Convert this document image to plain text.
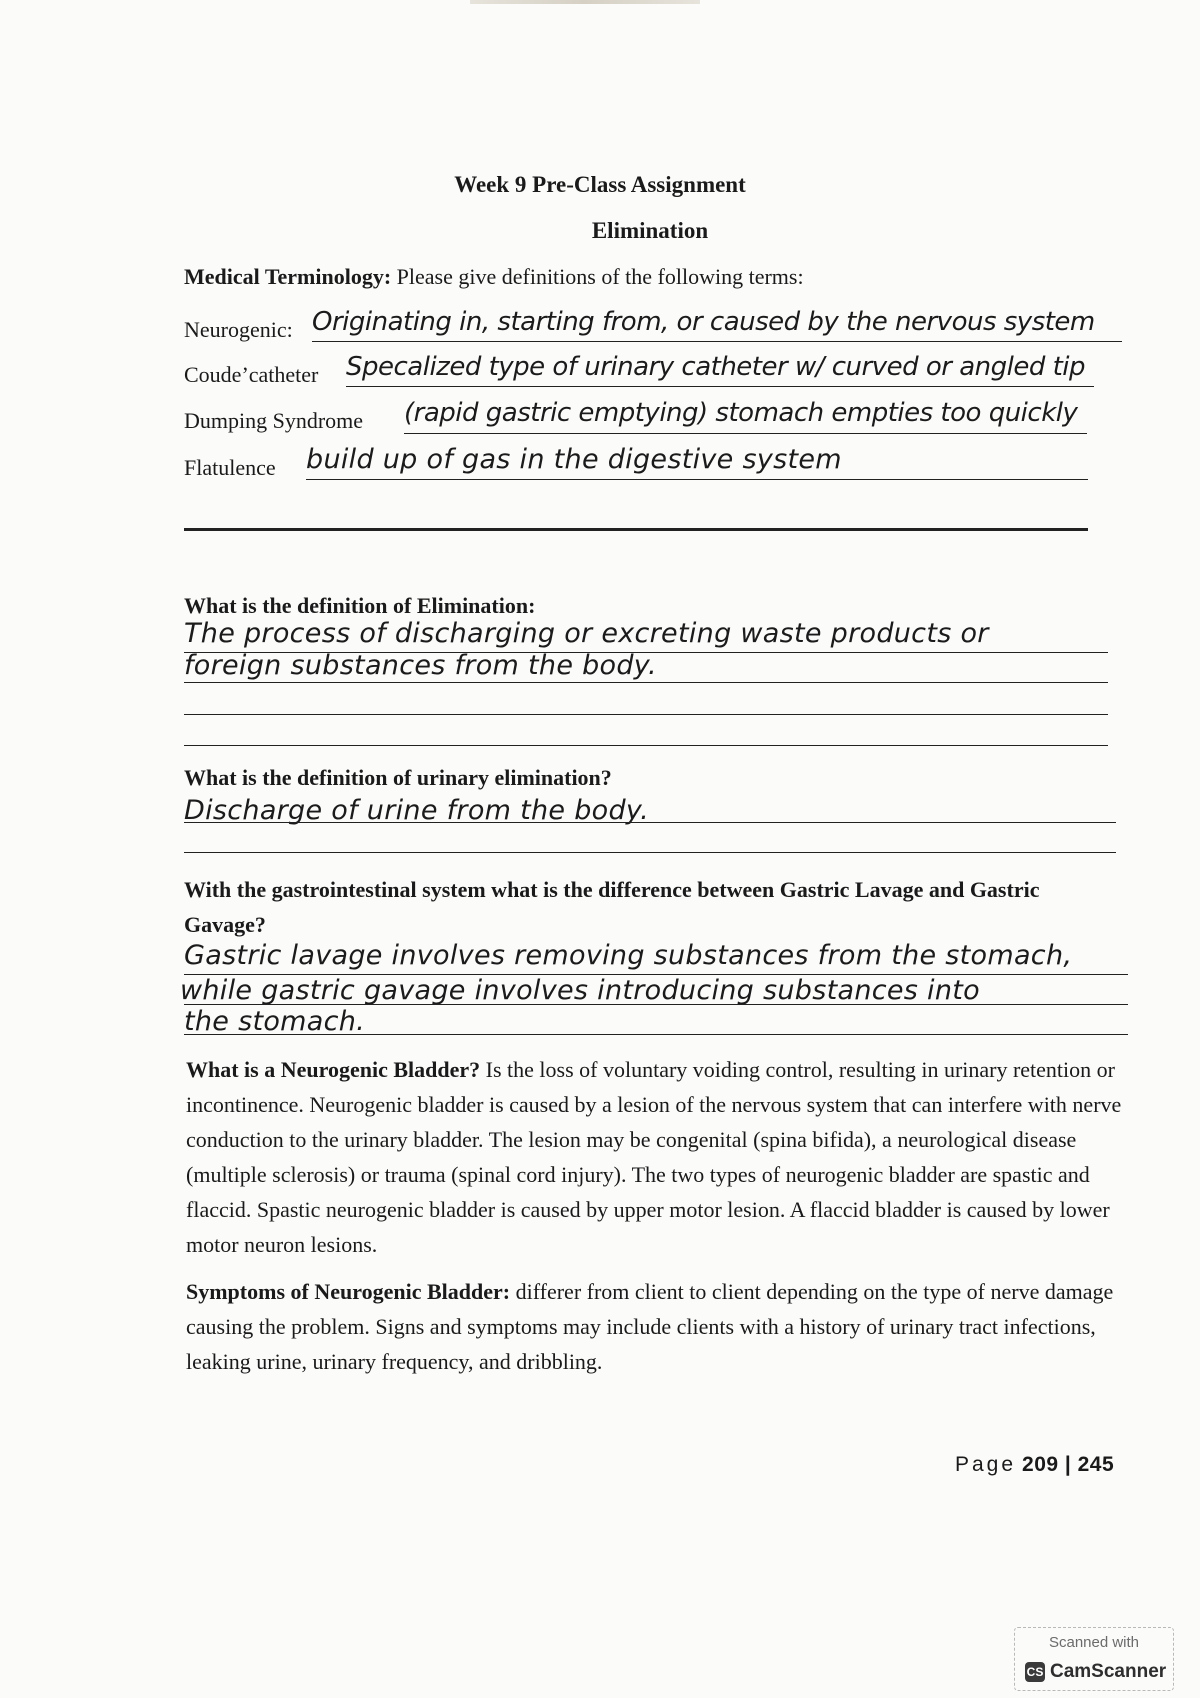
Week 9 Pre-Class Assignment
Elimination
Medical Terminology: Please give definitions of the following terms:
Neurogenic: Originating in, starting from, or caused by the nervous system
Coude’catheter Specalized type of urinary catheter w/ curved or angled tip
Dumping Syndrome (rapid gastric emptying) stomach empties too quickly
Flatulence build up of gas in the digestive system
What is the definition of Elimination:
The process of discharging or excreting waste products or
foreign substances from the body.
What is the definition of urinary elimination?
Discharge of urine from the body.
With the gastrointestinal system what is the difference between Gastric Lavage and Gastric
Gavage?
Gastric lavage involves removing substances from the stomach,
while gastric gavage involves introducing substances into
the stomach.
What is a Neurogenic Bladder? Is the loss of voluntary voiding control, resulting in urinary retention or incontinence. Neurogenic bladder is caused by a lesion of the nervous system that can interfere with nerve conduction to the urinary bladder. The lesion may be congenital (spina bifida), a neurological disease (multiple sclerosis) or trauma (spinal cord injury). The two types of neurogenic bladder are spastic and flaccid. Spastic neurogenic bladder is caused by upper motor lesion. A flaccid bladder is caused by lower motor neuron lesions.
Symptoms of Neurogenic Bladder: differer from client to client depending on the type of nerve damage causing the problem. Signs and symptoms may include clients with a history of urinary tract infections, leaking urine, urinary frequency, and dribbling.
Page 209 | 245
Scanned with
CS CamScanner
